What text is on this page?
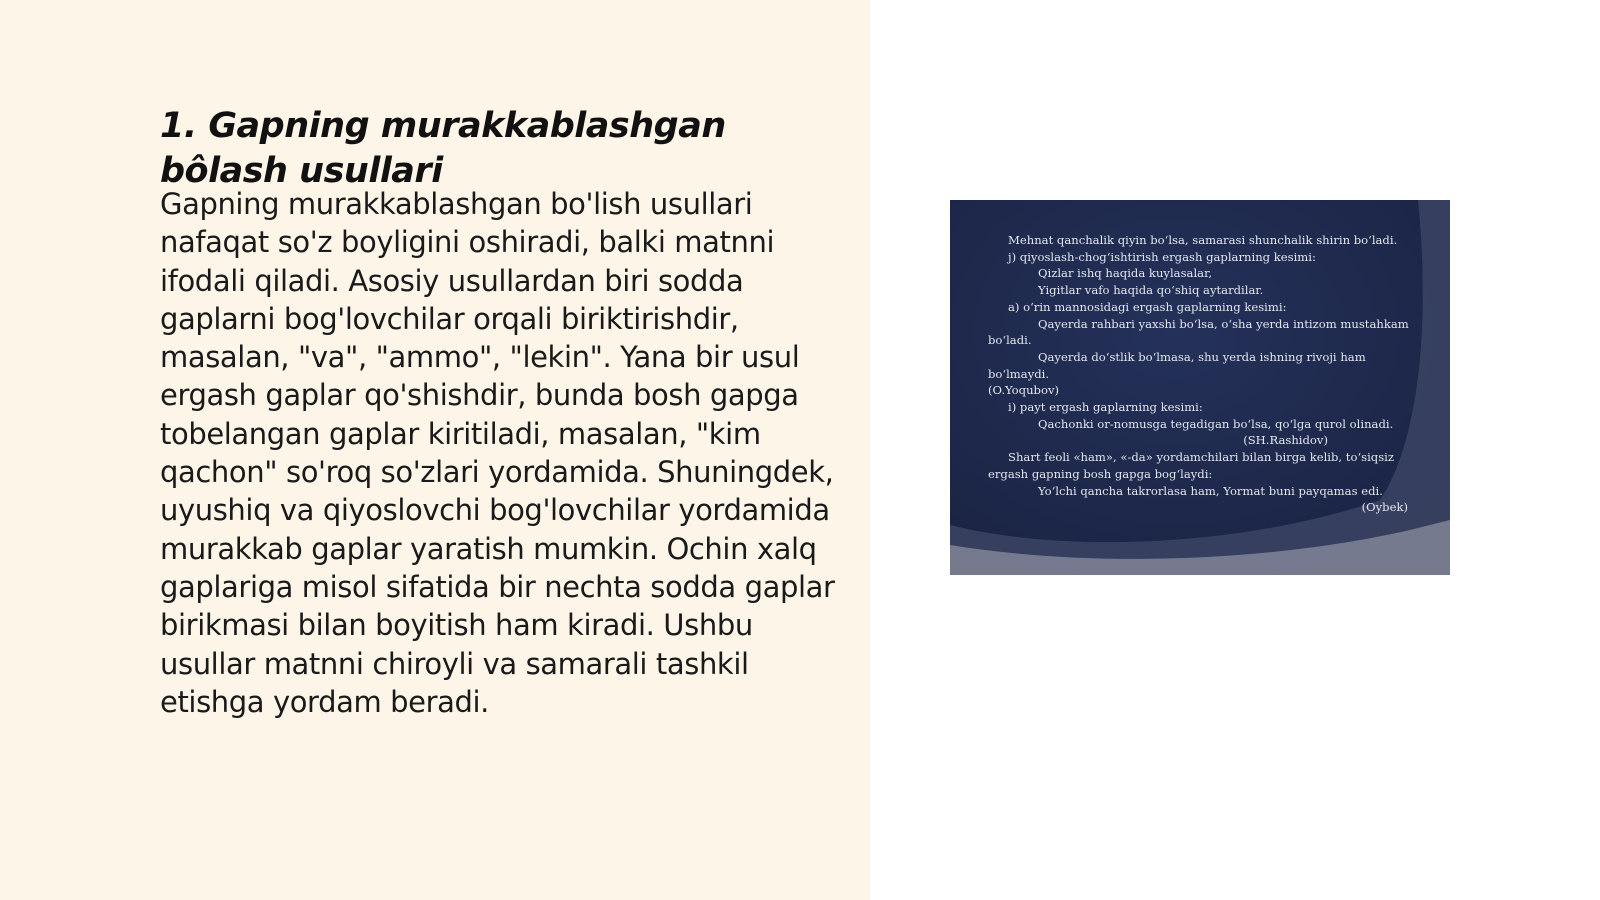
1. Gapning murakkablashgan bôlash usullari

Gapning murakkablashgan bo'lish usullari nafaqat so'z boyligini oshiradi, balki matnni ifodali qiladi. Asosiy usullardan biri sodda gaplarni bog'lovchilar orqali biriktirishdir, masalan, "va", "ammo", "lekin". Yana bir usul ergash gaplar qo'shishdir, bunda bosh gapga tobelangan gaplar kiritiladi, masalan, "kim qachon" so'roq so'zlari yordamida. Shuningdek, uyushiq va qiyoslovchi bog'lovchilar yordamida murakkab gaplar yaratish mumkin. Ochin xalq gaplariga misol sifatida bir nechta sodda gaplar birikmasi bilan boyitish ham kiradi. Ushbu usullar matnni chiroyli va samarali tashkil etishga yordam beradi.

Mehnat qanchalik qiyin bo‘lsa, samarasi shunchalik shirin bo‘ladi.
j) qiyoslash-chog‘ishtirish ergash gaplarning kesimi:
Qizlar ishq haqida kuylasalar,
Yigitlar vafo haqida qo‘shiq aytardilar.
a) o‘rin mannosidagi ergash gaplarning kesimi:
Qayerda rahbari yaxshi bo‘lsa, o‘sha yerda intizom mustahkam
bo‘ladi.
Qayerda do‘stlik bo‘lmasa, shu yerda ishning rivoji ham
bo‘lmaydi.
(O.Yoqubov)
i) payt ergash gaplarning kesimi:
Qachonki or-nomusga tegadigan bo‘lsa, qo‘lga qurol olinadi.
(SH.Rashidov)
Shart feoli «ham», «-da» yordamchilari bilan birga kelib, to‘siqsiz
ergash gapning bosh gapga bog‘laydi:
Yo‘lchi qancha takrorlasa ham, Yormat buni payqamas edi.
(Oybek)
